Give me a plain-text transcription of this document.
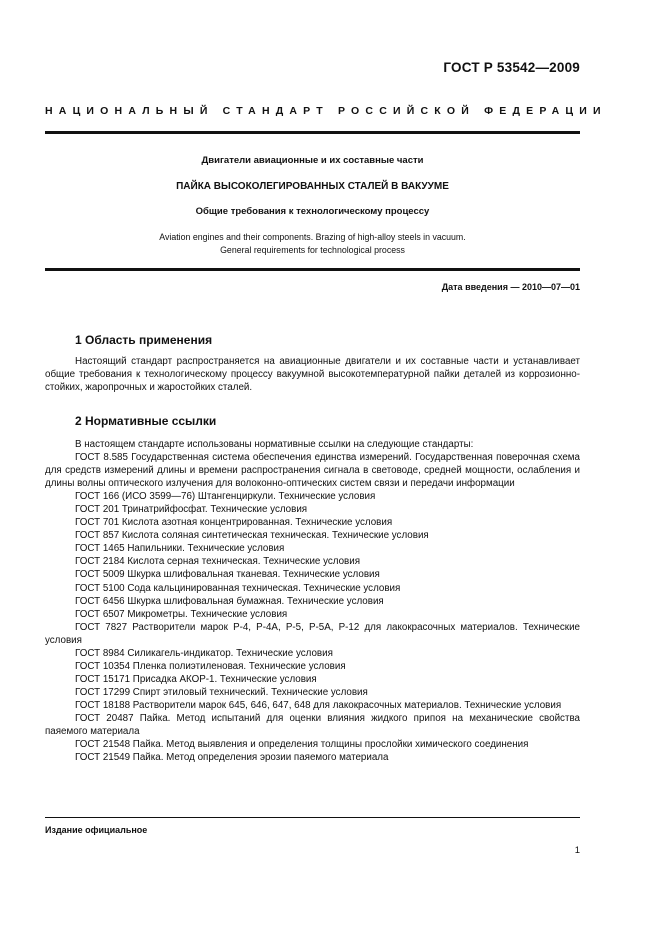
ГОСТ Р 53542—2009
НАЦИОНАЛЬНЫЙ СТАНДАРТ РОССИЙСКОЙ ФЕДЕРАЦИИ
Двигатели авиационные и их составные части
ПАЙКА ВЫСОКОЛЕГИРОВАННЫХ СТАЛЕЙ В ВАКУУМЕ
Общие требования к технологическому процессу
Aviation engines and their components. Brazing of high-alloy steels in vacuum.
General requirements for technological process
Дата введения — 2010—07—01
1 Область применения

Настоящий стандарт распространяется на авиационные двигатели и их составные части и устанавливает общие требования к технологическому процессу вакуумной высокотемпературной пайки деталей из коррозионно-стойких, жаропрочных и жаростойких сталей.

2 Нормативные ссылки

В настоящем стандарте использованы нормативные ссылки на следующие стандарты:

ГОСТ 8.585 Государственная система обеспечения единства измерений. Государственная поверочная схема для средств измерений длины и времени распространения сигнала в световоде, средней мощности, ослабления и длины волны оптического излучения для волоконно-оптических систем связи и передачи информации

ГОСТ 166 (ИСО 3599—76) Штангенциркули. Технические условия

ГОСТ 201 Тринатрийфосфат. Технические условия

ГОСТ 701 Кислота азотная концентрированная. Технические условия

ГОСТ 857 Кислота соляная синтетическая техническая. Технические условия

ГОСТ 1465 Напильники. Технические условия

ГОСТ 2184 Кислота серная техническая. Технические условия

ГОСТ 5009 Шкурка шлифовальная тканевая. Технические условия

ГОСТ 5100 Сода кальцинированная техническая. Технические условия

ГОСТ 6456 Шкурка шлифовальная бумажная. Технические условия

ГОСТ 6507 Микрометры. Технические условия

ГОСТ 7827 Растворители марок Р-4, Р-4А, Р-5, Р-5А, Р-12 для лакокрасочных материалов. Технические условия

ГОСТ 8984 Силикагель-индикатор. Технические условия

ГОСТ 10354 Пленка полиэтиленовая. Технические условия

ГОСТ 15171 Присадка АКОР-1. Технические условия

ГОСТ 17299 Спирт этиловый технический. Технические условия

ГОСТ 18188 Растворители марок 645, 646, 647, 648 для лакокрасочных материалов. Технические условия

ГОСТ 20487 Пайка. Метод испытаний для оценки влияния жидкого припоя на механические свойства паяемого материала

ГОСТ 21548 Пайка. Метод выявления и определения толщины прослойки химического соединения

ГОСТ 21549 Пайка. Метод определения эрозии паяемого материала

Издание официальное
1
